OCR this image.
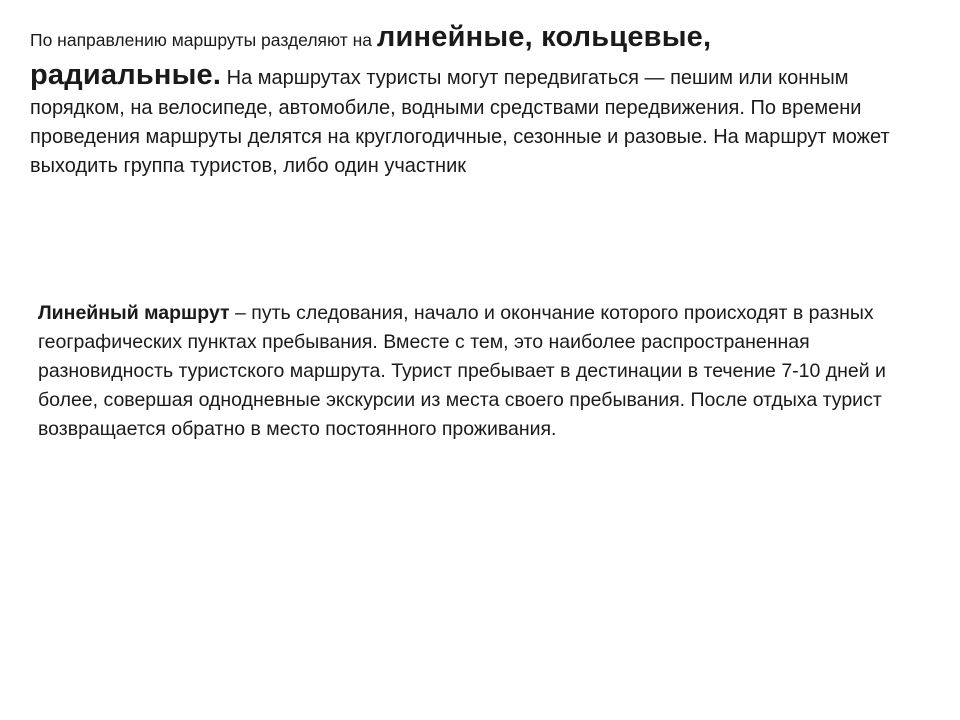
По направлению маршруты разделяют на линейные, кольцевые, радиальные. На маршрутах туристы могут передвигаться — пешим или конным порядком, на велосипеде, автомобиле, водными средствами передвижения. По времени проведения маршруты делятся на круглогодичные, сезонные и разовые. На маршрут может выходить группа туристов, либо один участник

Линейный маршрут – путь следования, начало и окончание которого происходят в разных географических пунктах пребывания. Вместе с тем, это наиболее распространенная разновидность туристского маршрута. Турист пребывает в дестинации в течение 7-10 дней и более, совершая однодневные экскурсии из места своего пребывания. После отдыха турист возвращается обратно в место постоянного проживания.
